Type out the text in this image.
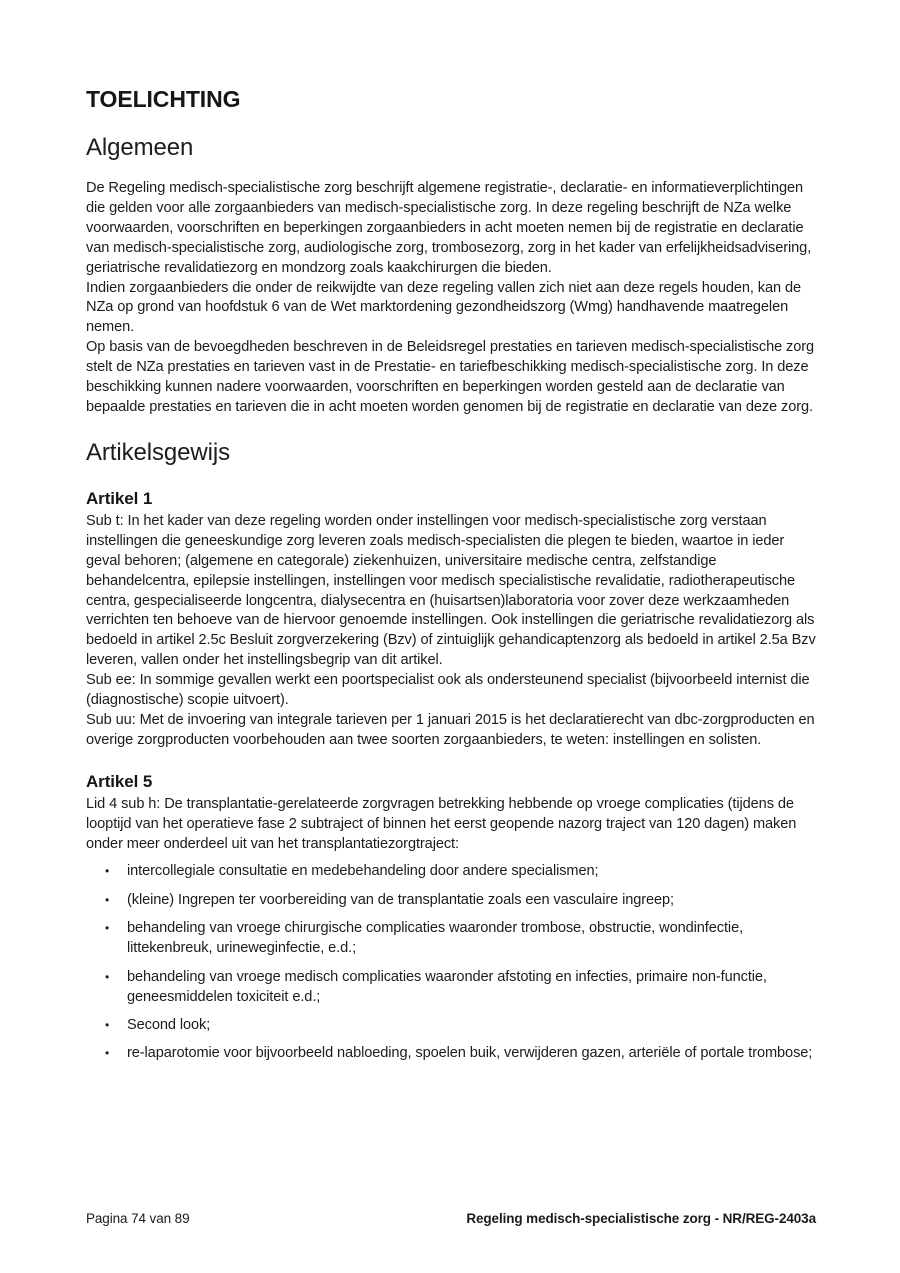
TOELICHTING
Algemeen

De Regeling medisch-specialistische zorg beschrijft algemene registratie-, declaratie- en informatieverplichtingen die gelden voor alle zorgaanbieders van medisch-specialistische zorg. In deze regeling beschrijft de NZa welke voorwaarden, voorschriften en beperkingen zorgaanbieders in acht moeten nemen bij de registratie en declaratie van medisch-specialistische zorg, audiologische zorg, trombosezorg, zorg in het kader van erfelijkheidsadvisering, geriatrische revalidatiezorg en mondzorg zoals kaakchirurgen die bieden.

Indien zorgaanbieders die onder de reikwijdte van deze regeling vallen zich niet aan deze regels houden, kan de NZa op grond van hoofdstuk 6 van de Wet marktordening gezondheidszorg (Wmg) handhavende maatregelen nemen.

Op basis van de bevoegdheden beschreven in de Beleidsregel prestaties en tarieven medisch-specialistische zorg stelt de NZa prestaties en tarieven vast in de Prestatie- en tariefbeschikking medisch-specialistische zorg. In deze beschikking kunnen nadere voorwaarden, voorschriften en beperkingen worden gesteld aan de declaratie van bepaalde prestaties en tarieven die in acht moeten worden genomen bij de registratie en declaratie van deze zorg.

Artikelsgewijs
Artikel 1

Sub t: In het kader van deze regeling worden onder instellingen voor medisch-specialistische zorg verstaan instellingen die geneeskundige zorg leveren zoals medisch-specialisten die plegen te bieden, waartoe in ieder geval behoren; (algemene en categorale) ziekenhuizen, universitaire medische centra, zelfstandige behandelcentra, epilepsie instellingen, instellingen voor medisch specialistische revalidatie, radiotherapeutische centra, gespecialiseerde longcentra, dialysecentra en (huisartsen)laboratoria voor zover deze werkzaamheden verrichten ten behoeve van de hiervoor genoemde instellingen. Ook instellingen die geriatrische revalidatiezorg als bedoeld in artikel 2.5c Besluit zorgverzekering (Bzv) of zintuiglijk gehandicaptenzorg als bedoeld in artikel 2.5a Bzv leveren, vallen onder het instellingsbegrip van dit artikel.

Sub ee: In sommige gevallen werkt een poortspecialist ook als ondersteunend specialist (bijvoorbeeld internist die (diagnostische) scopie uitvoert).

Sub uu: Met de invoering van integrale tarieven per 1 januari 2015 is het declaratierecht van dbc-zorgproducten en overige zorgproducten voorbehouden aan twee soorten zorgaanbieders, te weten: instellingen en solisten.

Artikel 5

Lid 4 sub h: De transplantatie-gerelateerde zorgvragen betrekking hebbende op vroege complicaties (tijdens de looptijd van het operatieve fase 2 subtraject of binnen het eerst geopende nazorg traject van 120 dagen) maken onder meer onderdeel uit van het transplantatiezorgtraject:

•	intercollegiale consultatie en medebehandeling door andere specialismen;
•	(kleine) Ingrepen ter voorbereiding van de transplantatie zoals een vasculaire ingreep;
•	behandeling van vroege chirurgische complicaties waaronder trombose, obstructie, wondinfectie, littekenbreuk, urineweginfectie, e.d.;
•	behandeling van vroege medisch complicaties waaronder afstoting en infecties, primaire non-functie, geneesmiddelen toxiciteit e.d.;
•	Second look;
•	re-laparotomie voor bijvoorbeeld nabloeding, spoelen buik, verwijderen gazen, arteriële of portale trombose;
Pagina 74 van 89	Regeling medisch-specialistische zorg - NR/REG-2403a
